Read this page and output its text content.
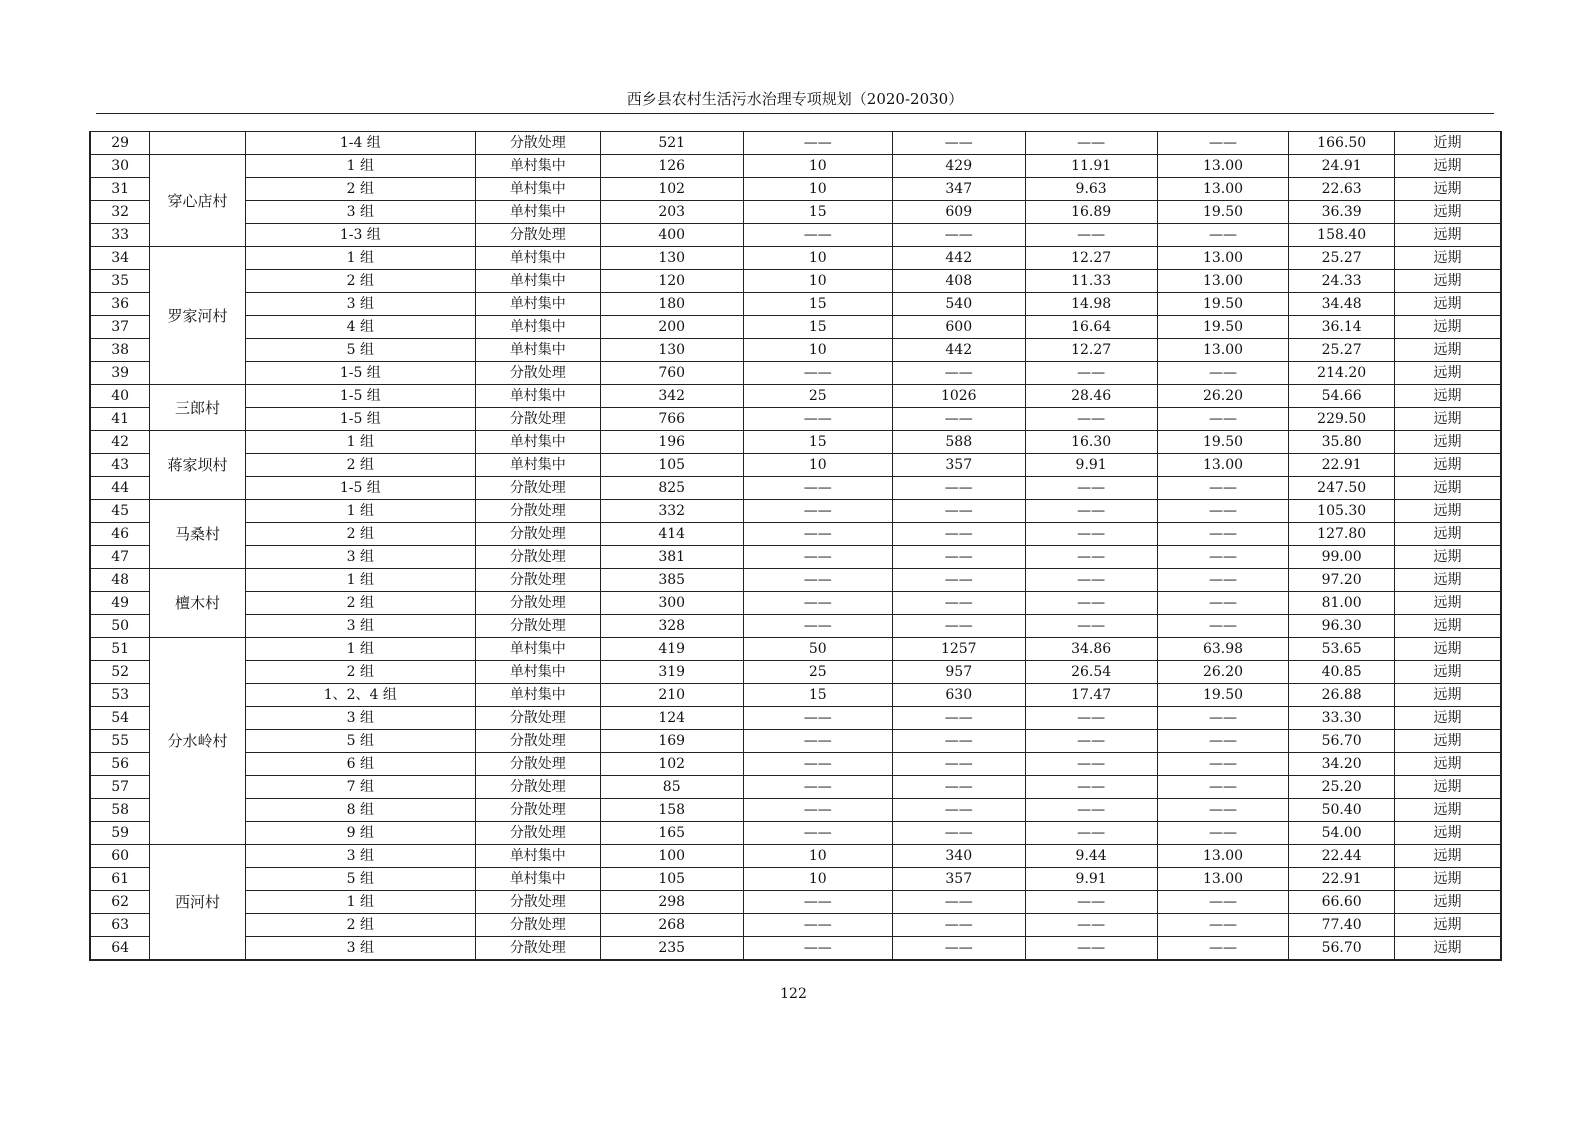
西乡县农村生活污水治理专项规划（2020-2030）
29		1-4 组	分散处理	521	——	——	——	——	166.50	近期
30	穿心店村	1 组	单村集中	126	10	429	11.91	13.00	24.91	远期
31		2 组	单村集中	102	10	347	9.63	13.00	22.63	远期
32		3 组	单村集中	203	15	609	16.89	19.50	36.39	远期
33		1-3 组	分散处理	400	——	——	——	——	158.40	远期
34	罗家河村	1 组	单村集中	130	10	442	12.27	13.00	25.27	远期
35		2 组	单村集中	120	10	408	11.33	13.00	24.33	远期
36		3 组	单村集中	180	15	540	14.98	19.50	34.48	远期
37		4 组	单村集中	200	15	600	16.64	19.50	36.14	远期
38		5 组	单村集中	130	10	442	12.27	13.00	25.27	远期
39		1-5 组	分散处理	760	——	——	——	——	214.20	远期
40	三郎村	1-5 组	单村集中	342	25	1026	28.46	26.20	54.66	远期
41		1-5 组	分散处理	766	——	——	——	——	229.50	远期
42	蒋家坝村	1 组	单村集中	196	15	588	16.30	19.50	35.80	远期
43		2 组	单村集中	105	10	357	9.91	13.00	22.91	远期
44		1-5 组	分散处理	825	——	——	——	——	247.50	远期
45	马桑村	1 组	分散处理	332	——	——	——	——	105.30	远期
46		2 组	分散处理	414	——	——	——	——	127.80	远期
47		3 组	分散处理	381	——	——	——	——	99.00	远期
48	檀木村	1 组	分散处理	385	——	——	——	——	97.20	远期
49		2 组	分散处理	300	——	——	——	——	81.00	远期
50		3 组	分散处理	328	——	——	——	——	96.30	远期
51	分水岭村	1 组	单村集中	419	50	1257	34.86	63.98	53.65	远期
52		2 组	单村集中	319	25	957	26.54	26.20	40.85	远期
53		1、2、4 组	单村集中	210	15	630	17.47	19.50	26.88	远期
54		3 组	分散处理	124	——	——	——	——	33.30	远期
55		5 组	分散处理	169	——	——	——	——	56.70	远期
56		6 组	分散处理	102	——	——	——	——	34.20	远期
57		7 组	分散处理	85	——	——	——	——	25.20	远期
58		8 组	分散处理	158	——	——	——	——	50.40	远期
59		9 组	分散处理	165	——	——	——	——	54.00	远期
60	西河村	3 组	单村集中	100	10	340	9.44	13.00	22.44	远期
61		5 组	单村集中	105	10	357	9.91	13.00	22.91	远期
62		1 组	分散处理	298	——	——	——	——	66.60	远期
63		2 组	分散处理	268	——	——	——	——	77.40	远期
64		3 组	分散处理	235	——	——	——	——	56.70	远期
122
